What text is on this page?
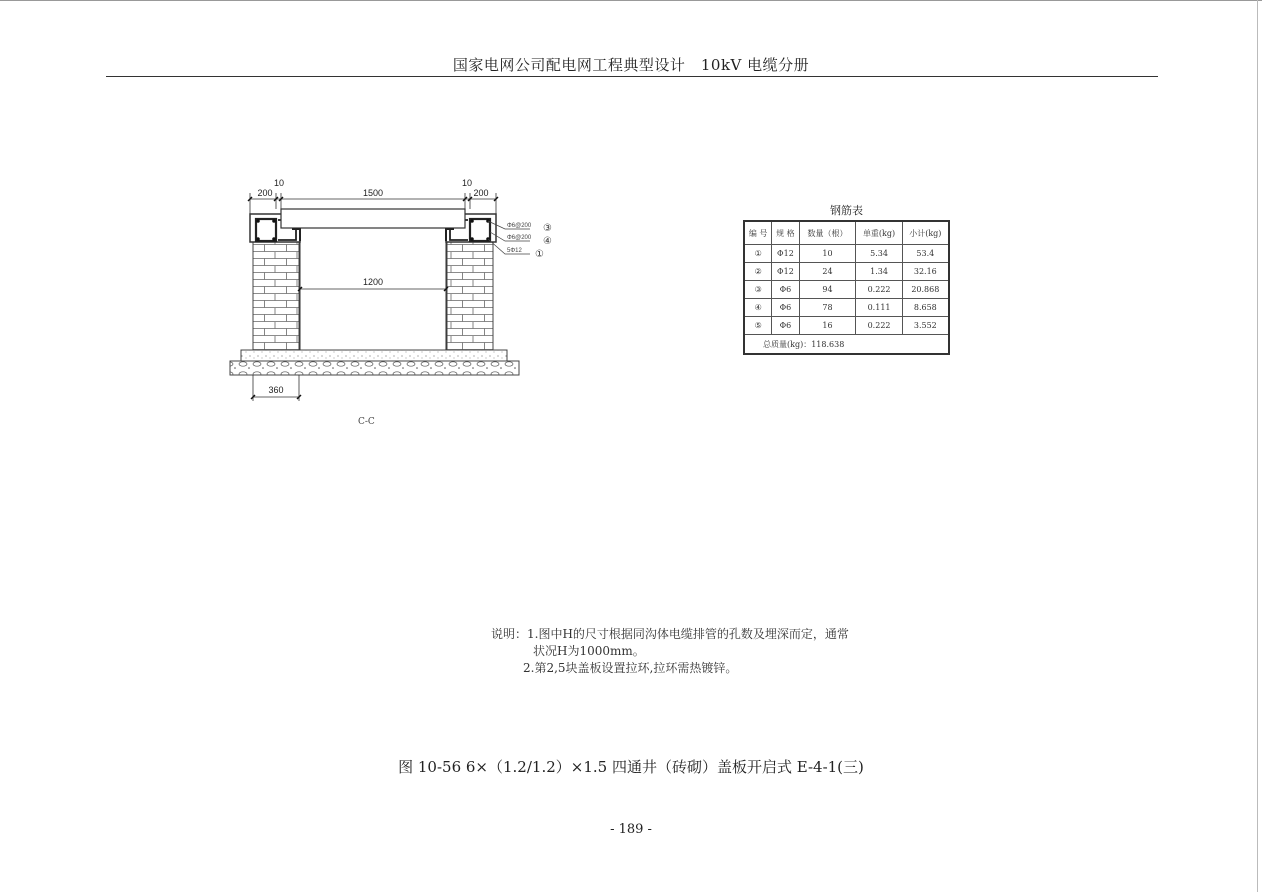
国家电网公司配电网工程典型设计　10kV 电缆分册
10
200	1500
10
200
1200
360
Φ6@200
Φ6@200
5Φ12
③
④
①
C-C
钢筋表
编 号	规 格	数量（根）	单重(kg)	小计(kg)
①	Φ12	10	5.34	53.4
②	Φ12	24	1.34	32.16
③	Φ6	94	0.222	20.868
④	Φ6	78	0.111	8.658
⑤	Φ6	16	0.222	3.552
总质量(kg)：118.638				
说明：1.图中H的尺寸根据同沟体电缆排管的孔数及埋深而定，通常
状况H为1000mm。
2.第2,5块盖板设置拉环,拉环需热镀锌。
图 10-56 6×（1.2/1.2）×1.5 四通井（砖砌）盖板开启式 E-4-1(三)
- 189 -
